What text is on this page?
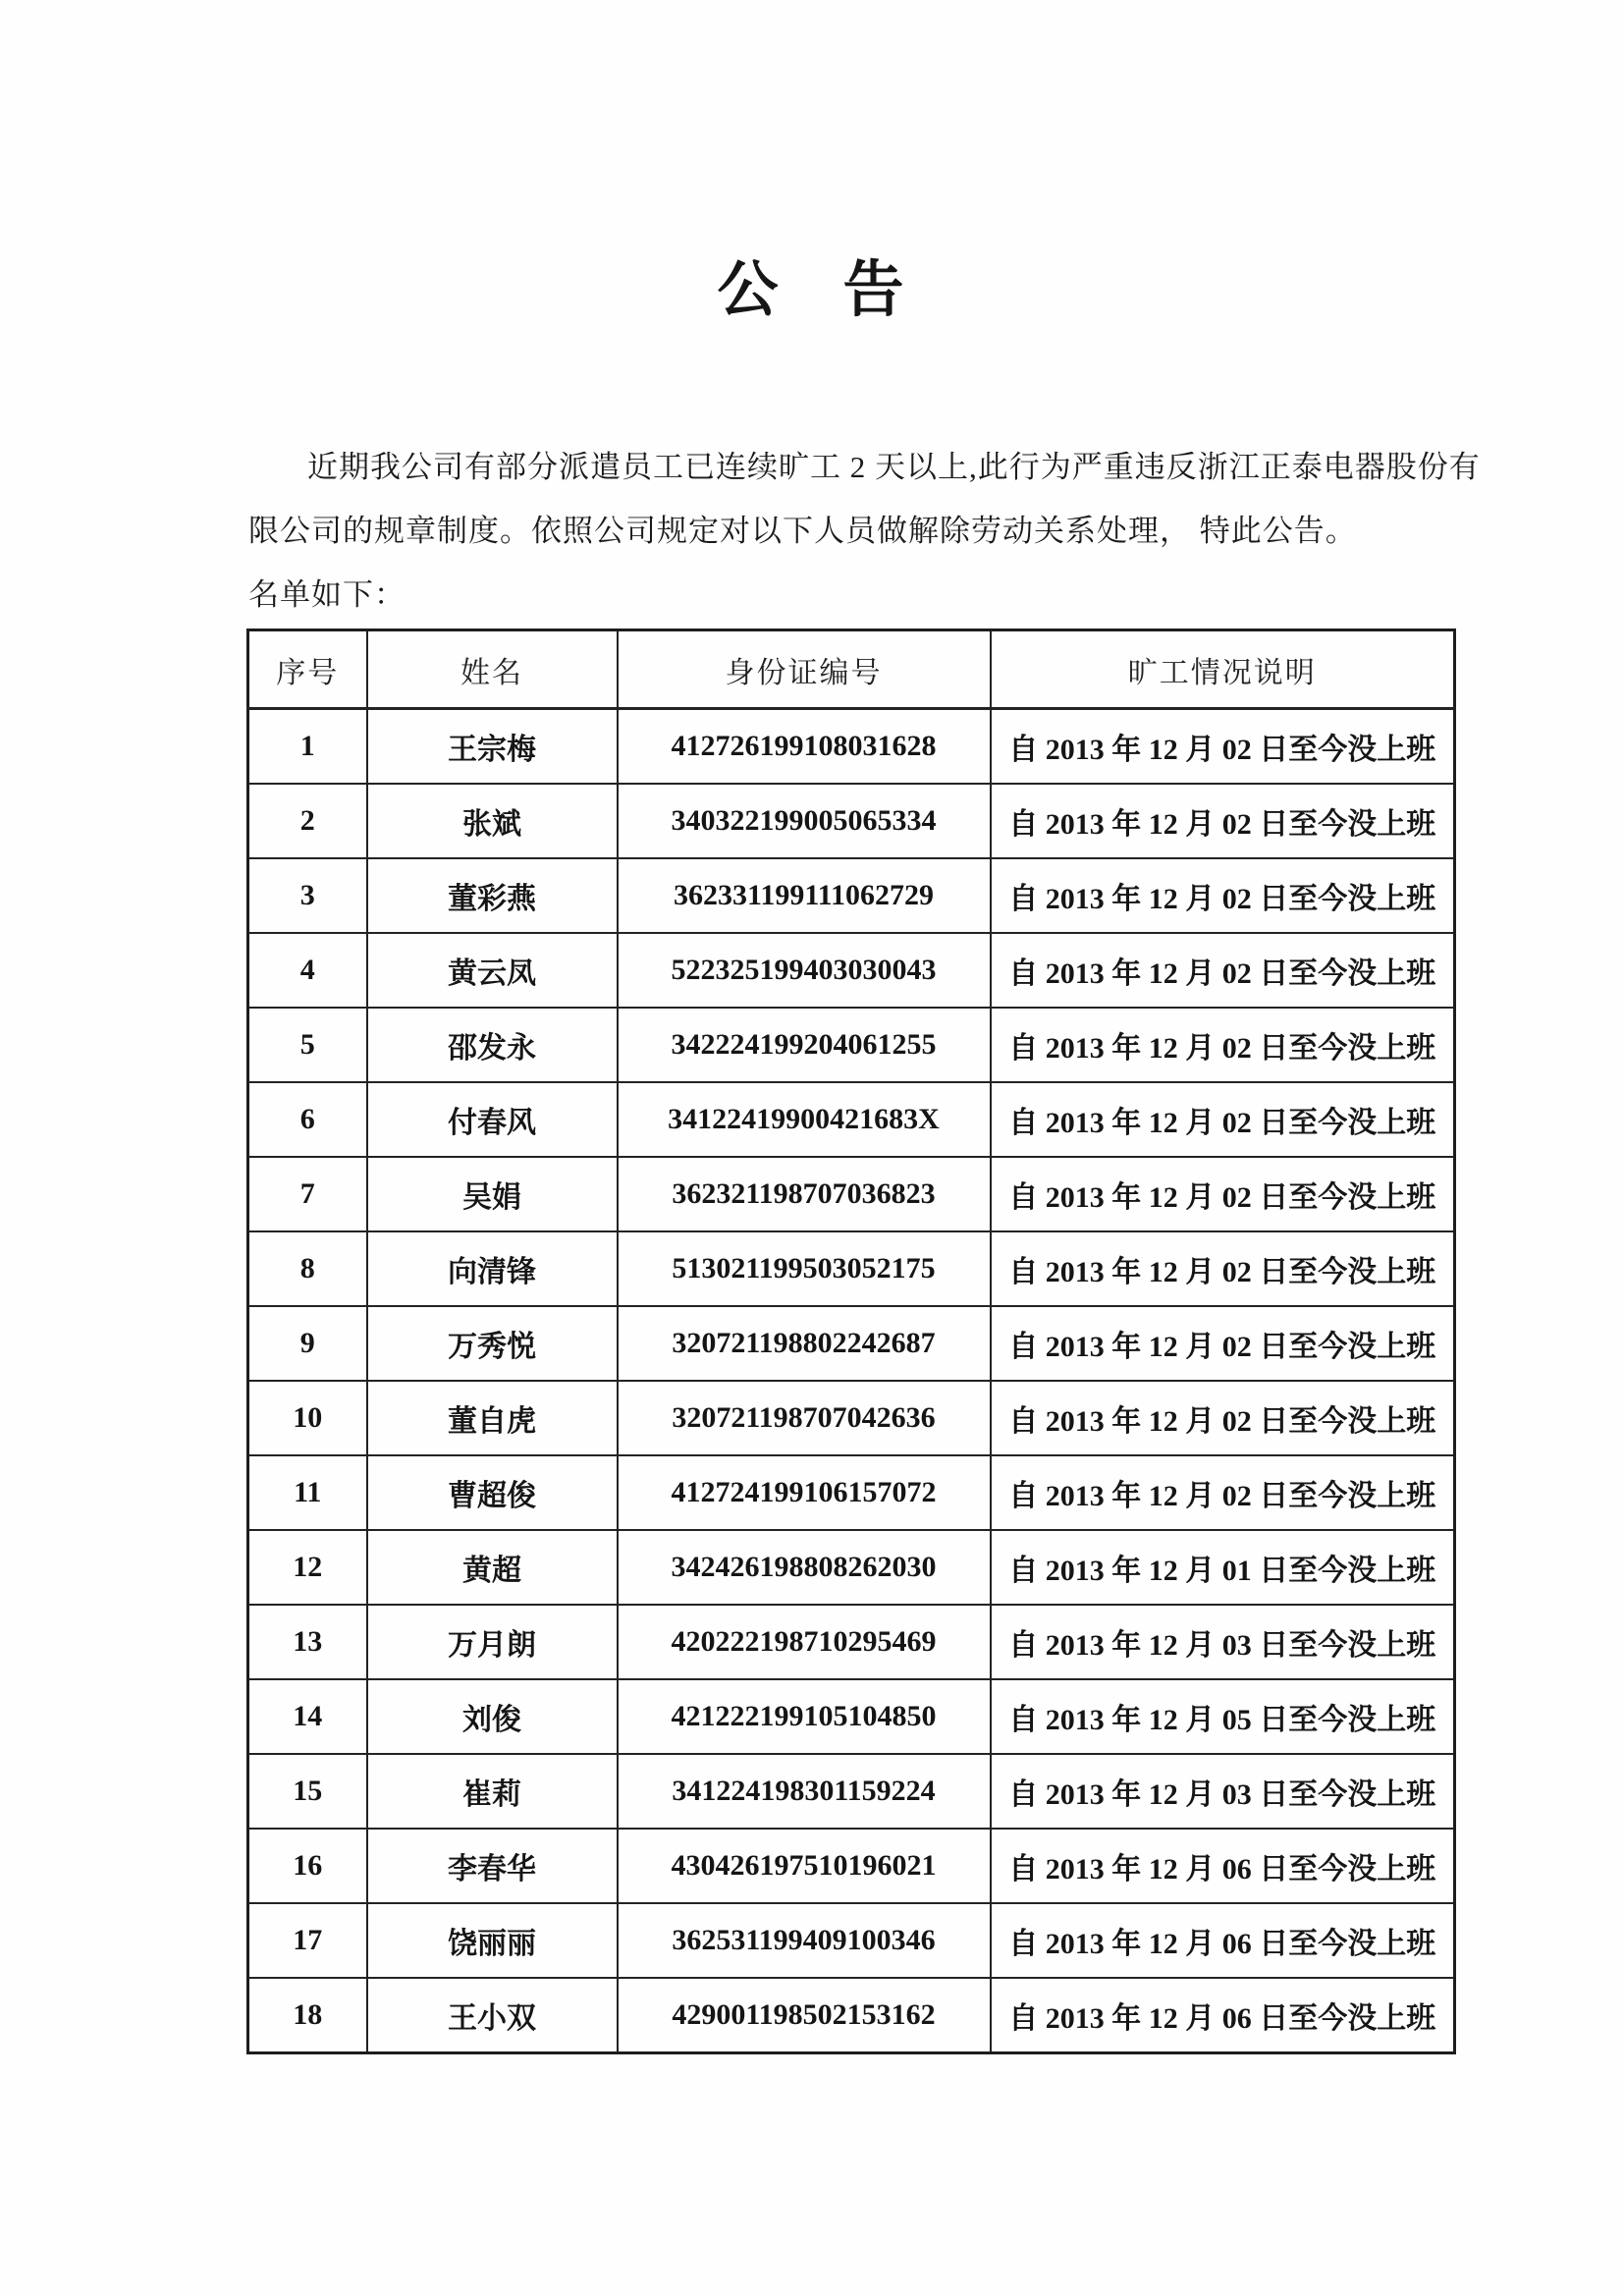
公　告

近期我公司有部分派遣员工已连续旷工 2 天以上,此行为严重违反浙江正泰电器股份有

限公司的规章制度。依照公司规定对以下人员做解除劳动关系处理， 特此公告。

名单如下：

序号	姓名	身份证编号	旷工情况说明
1	王宗梅	412726199108031628	自 2013 年 12 月 02 日至今没上班
2	张斌	340322199005065334	自 2013 年 12 月 02 日至今没上班
3	董彩燕	362331199111062729	自 2013 年 12 月 02 日至今没上班
4	黄云凤	522325199403030043	自 2013 年 12 月 02 日至今没上班
5	邵发永	342224199204061255	自 2013 年 12 月 02 日至今没上班
6	付春风	34122419900421683X	自 2013 年 12 月 02 日至今没上班
7	吴娟	362321198707036823	自 2013 年 12 月 02 日至今没上班
8	向清锋	513021199503052175	自 2013 年 12 月 02 日至今没上班
9	万秀悦	320721198802242687	自 2013 年 12 月 02 日至今没上班
10	董自虎	320721198707042636	自 2013 年 12 月 02 日至今没上班
11	曹超俊	412724199106157072	自 2013 年 12 月 02 日至今没上班
12	黄超	342426198808262030	自 2013 年 12 月 01 日至今没上班
13	万月朗	420222198710295469	自 2013 年 12 月 03 日至今没上班
14	刘俊	421222199105104850	自 2013 年 12 月 05 日至今没上班
15	崔莉	341224198301159224	自 2013 年 12 月 03 日至今没上班
16	李春华	430426197510196021	自 2013 年 12 月 06 日至今没上班
17	饶丽丽	362531199409100346	自 2013 年 12 月 06 日至今没上班
18	王小双	429001198502153162	自 2013 年 12 月 06 日至今没上班
